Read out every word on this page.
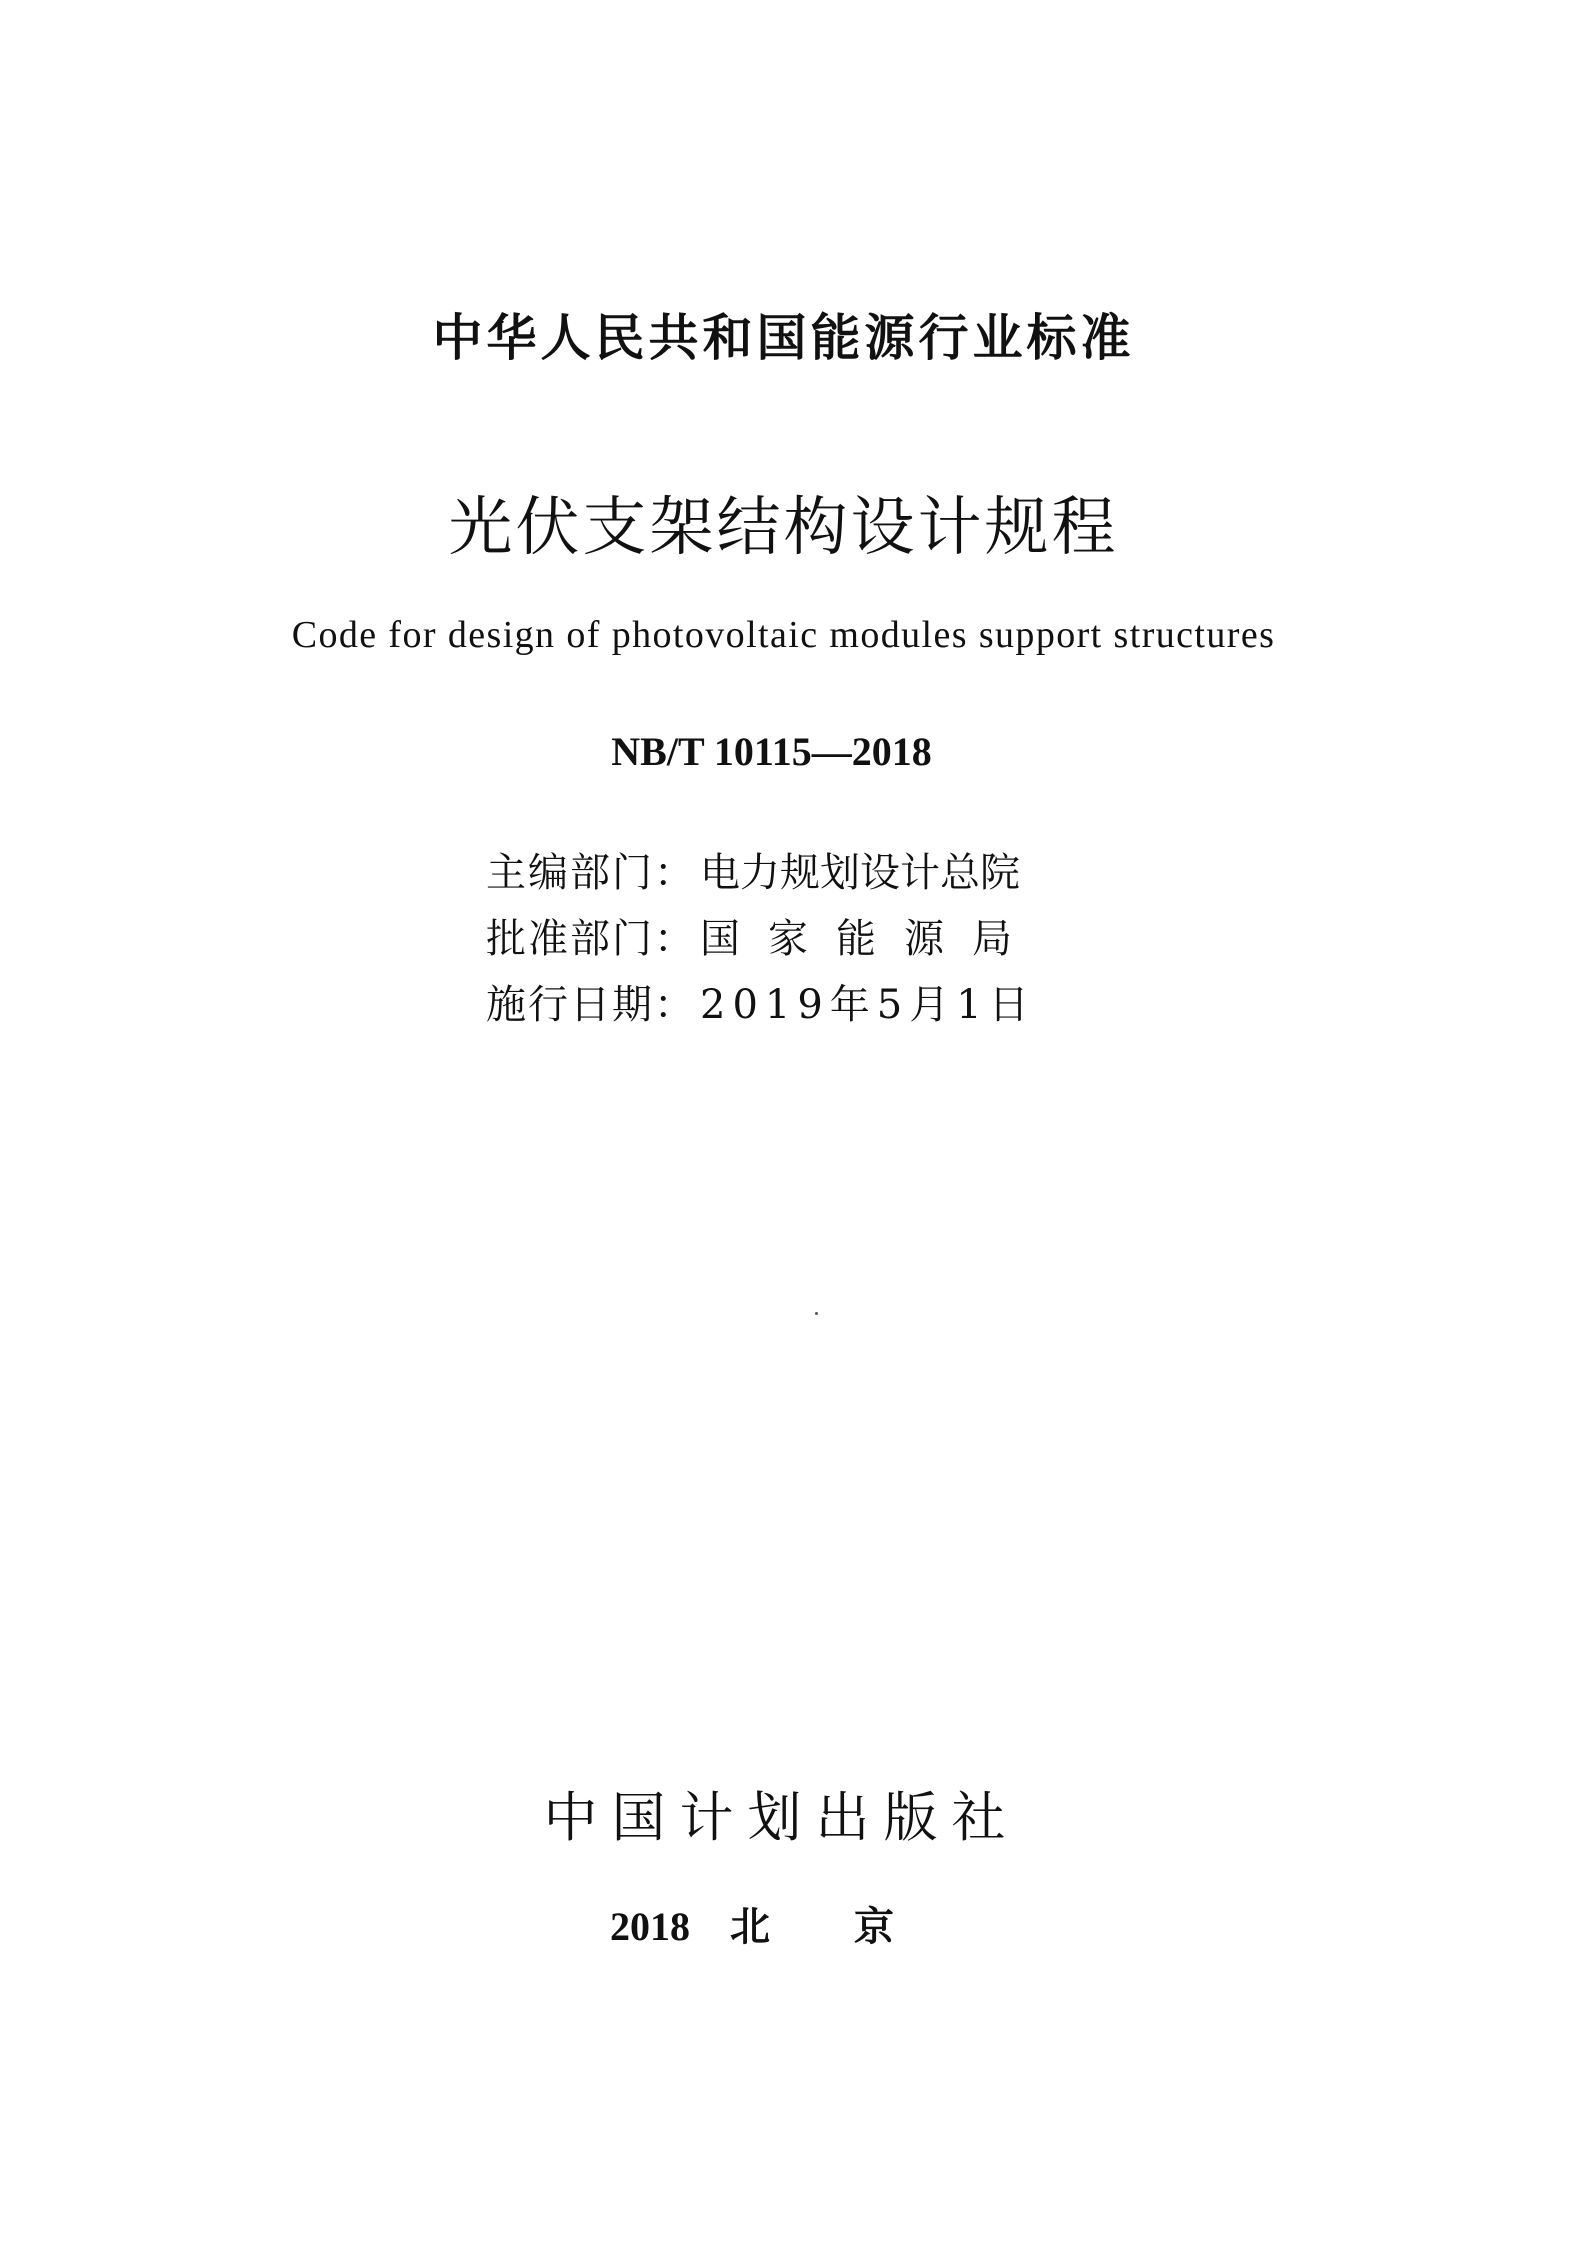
中华人民共和国能源行业标准
光伏支架结构设计规程
Code for design of photovoltaic modules support structures
NB/T 10115—2018
主编部门 ： 电力规划设计总院
批准部门 ： 国家能源局
施行日期 ： 2019年5月1日
中国计划出版社
2018 北京
